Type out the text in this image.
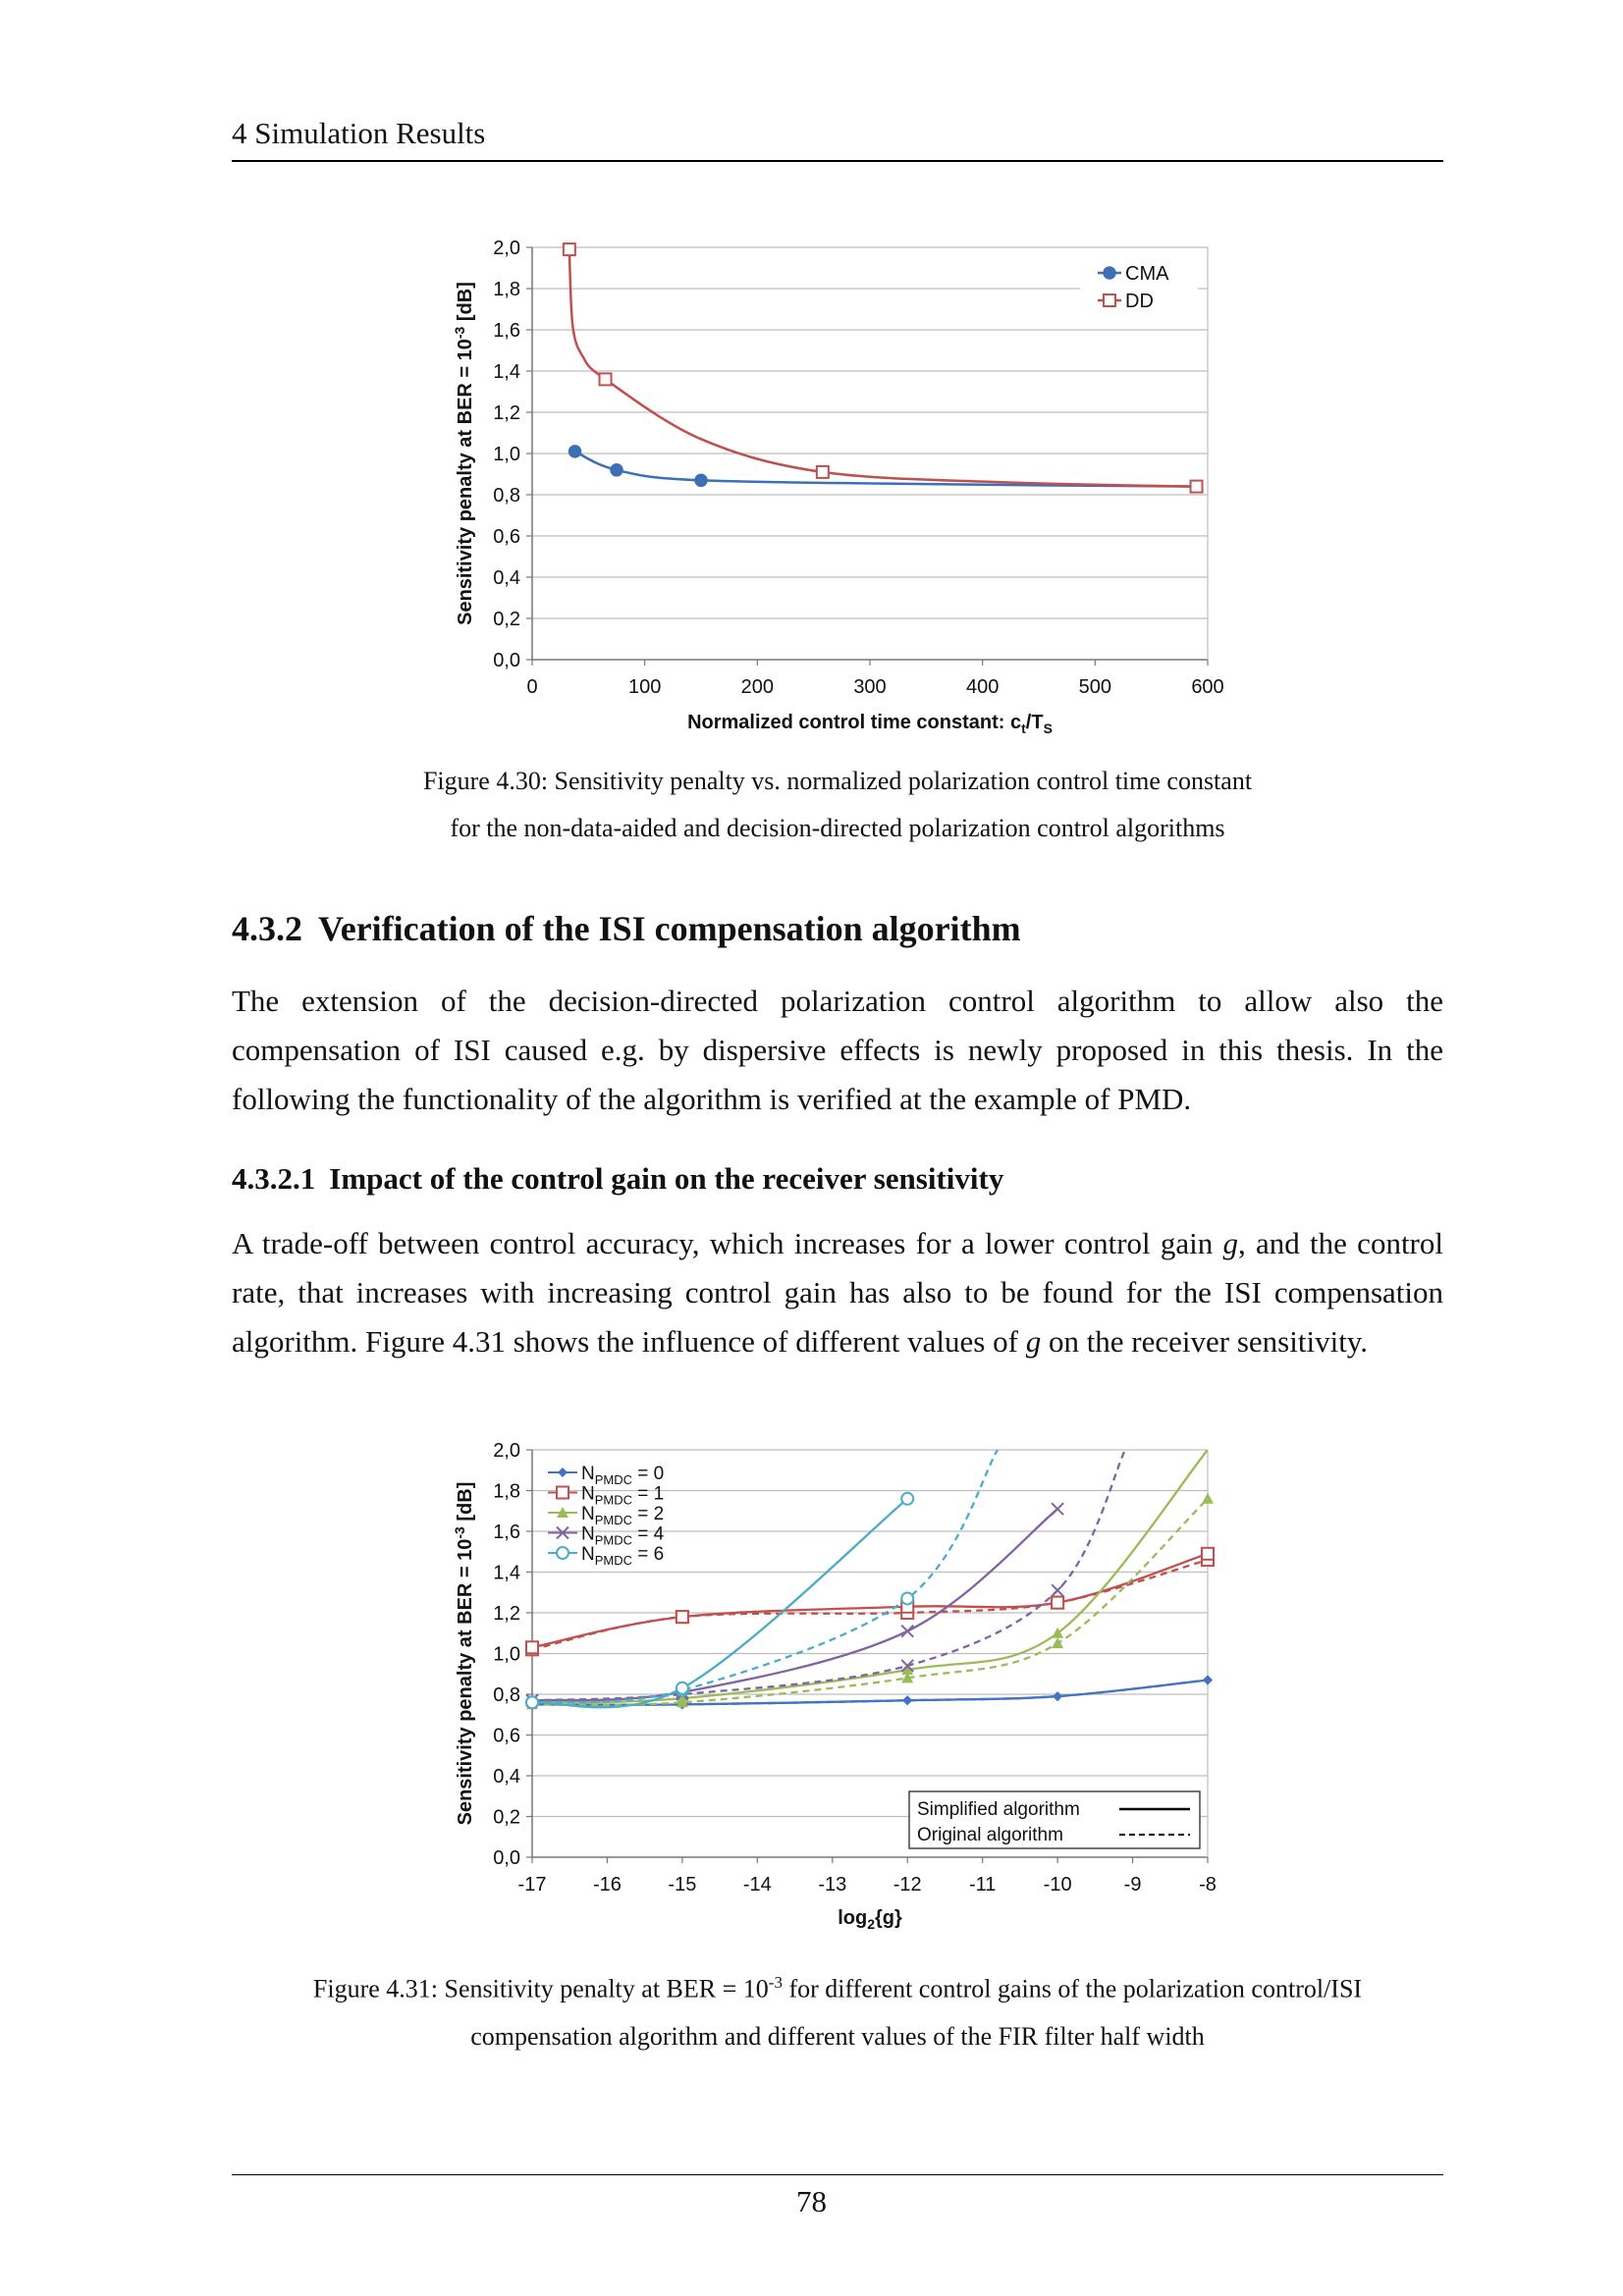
4 Simulation Results
0,0
0,2
0,4
0,6
0,8
1,0
1,2
1,4
1,6
1,8
2,0
0	100	200	300	400	500	600
Sensitivity penalty at BER = $10^{-3}$ [dB]
Normalized control time constant: $c_t/T_S$
CMA
DD
Figure 4.30: Sensitivity penalty vs. normalized polarization control time constant
for the non-data-aided and decision-directed polarization control algorithms
4.3.2 Verification of the ISI compensation algorithm
The extension of the decision-directed polarization control algorithm to allow also the compensation of ISI caused e.g. by dispersive effects is newly proposed in this thesis. In the following the functionality of the algorithm is verified at the example of PMD.
4.3.2.1 Impact of the control gain on the receiver sensitivity
A trade-off between control accuracy, which increases for a lower control gain g, and the control rate, that increases with increasing control gain has also to be found for the ISI compensation algorithm. Figure 4.31 shows the influence of different values of g on the receiver sensitivity.
0,0
0,2
0,4
0,6
0,8
1,0
1,2
1,4
1,6
1,8
2,0
-17 -16 -15 -14 -13 -12 -11 -10	-9	-8
Sensitivity penalty at BER = $10^{-3}$ [dB]
$\log_2\{g\}$
$N_{PMDC} = 0$
$N_{PMDC} = 1$
$N_{PMDC} = 2$
$N_{PMDC} = 4$
$N_{PMDC} = 6$
Simplified algorithm
Original algorithm
Figure 4.31: Sensitivity penalty at BER = $10^{-3}$ for different control gains of the polarization control/ISI
compensation algorithm and different values of the FIR filter half width
78
